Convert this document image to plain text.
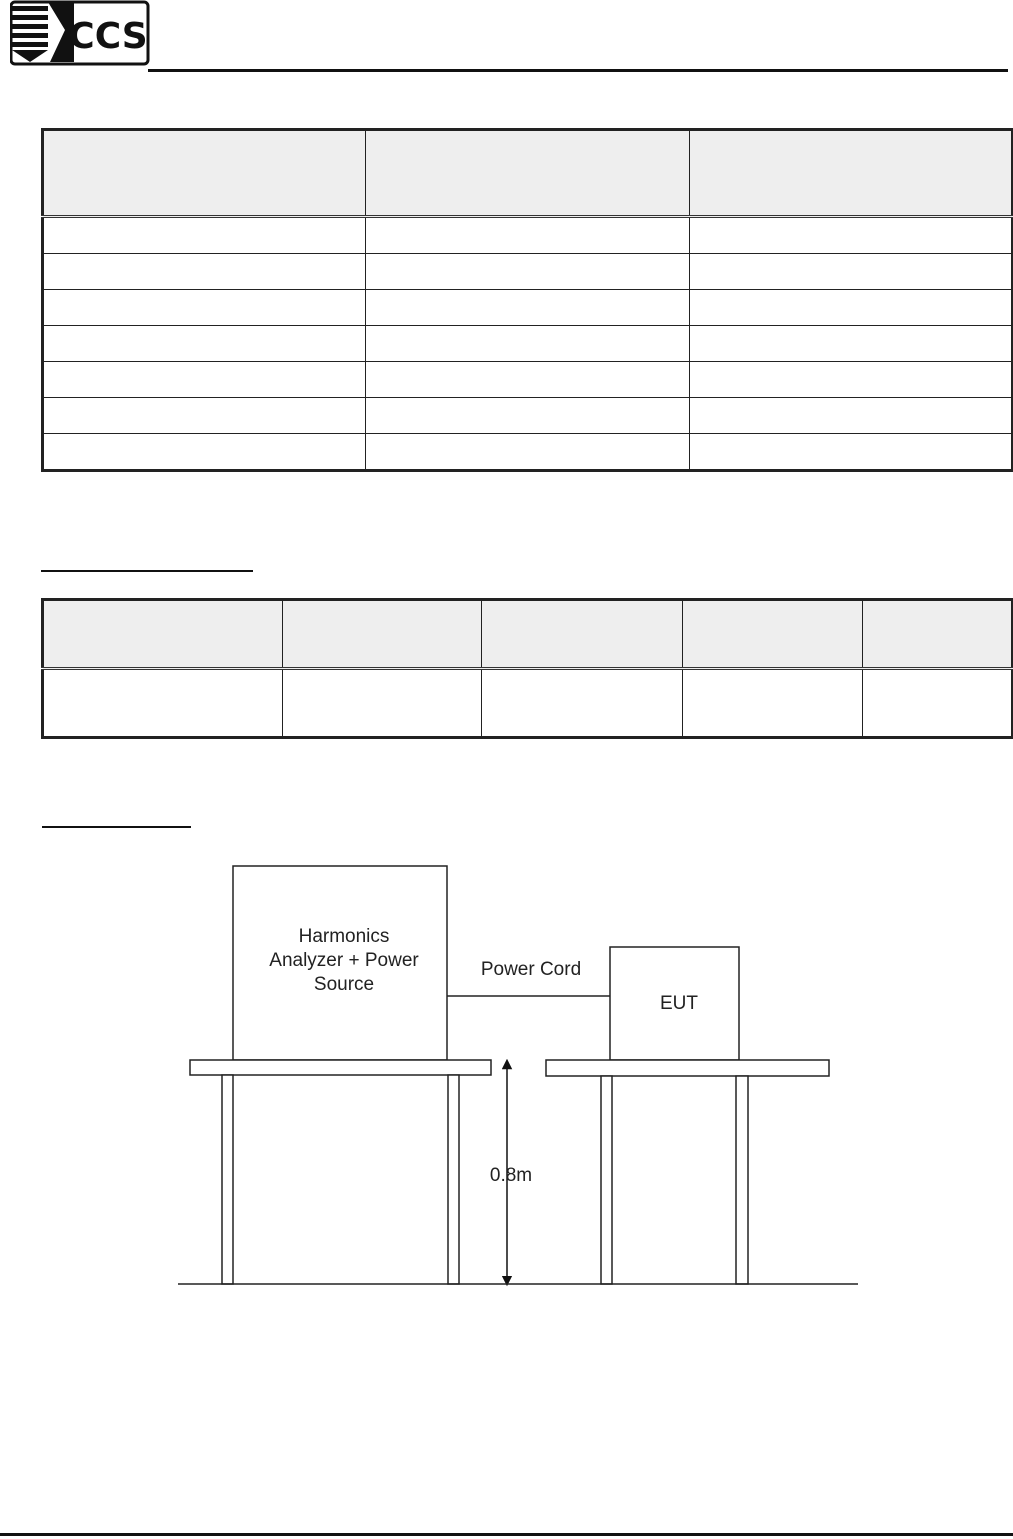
CCS

Harmonics
Analyzer + Power
Source
Power Cord
EUT
0.8m
